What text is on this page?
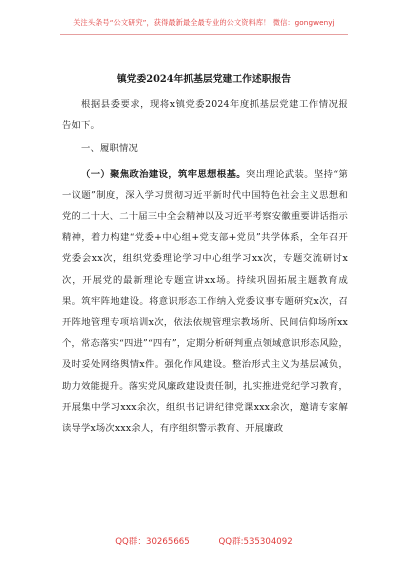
关注头条号“公文研究”，获得最新最全最专业的公文资料库！ 微信：gongwenyj
镇党委2024年抓基层党建工作述职报告

根据县委要求，现将x镇党委2024年度抓基层党建工作情况报告如下。

一、履职情况

（一）聚焦政治建设，筑牢思想根基。突出理论武装。坚持“第一议题”制度，深入学习贯彻习近平新时代中国特色社会主义思想和党的二十大、二十届三中全会精神以及习近平考察安徽重要讲话指示精神，着力构建“党委+中心组+党支部+党员”共学体系，全年召开党委会xx次，组织党委理论学习中心组学习xx次，专题交流研讨x次，开展党的最新理论专题宣讲xx场。持续巩固拓展主题教育成果。筑牢阵地建设。将意识形态工作纳入党委议事专题研究x次，召开阵地管理专项培训x次，依法依规管理宗教场所、民间信仰场所xx个，常态落实“四进”“四有”，定期分析研判重点领域意识形态风险，及时妥处网络舆情x件。强化作风建设。整治形式主义为基层减负，助力效能提升。落实党风廉政建设责任制，扎实推进党纪学习教育，开展集中学习xxx余次，组织书记讲纪律党课xxx余次，邀请专家解读导学x场次xxx余人，有序组织警示教育、开展廉政

QQ群：30265665	QQ群:535304092
